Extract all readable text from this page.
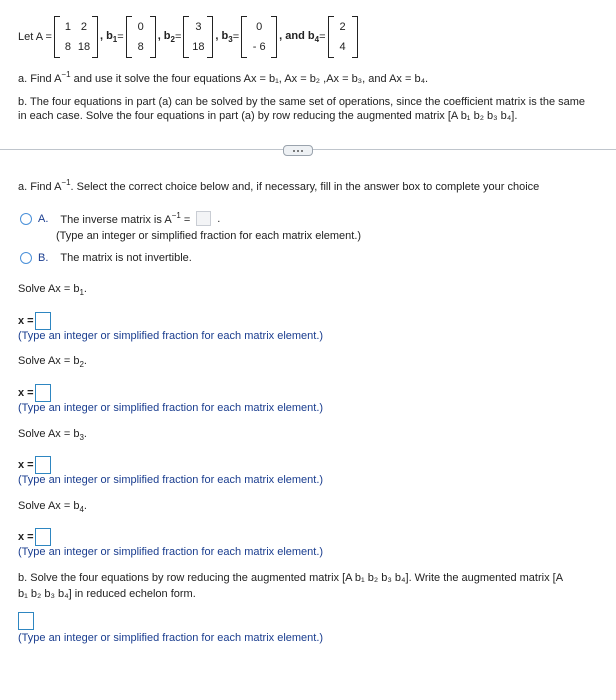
Let A =
1 2
8 18
, $b_1$ =
0
8
, $b_2$ =
3
18
, $b_3$ =
0
- 6
, and $b_4$ =
2
4
a. Find $A^{-1}$ and use it solve the four equations Ax = b₁, Ax = b₂ ,Ax = b₃, and Ax = b₄.
b. The four equations in part (a) can be solved by the same set of operations, since the coefficient matrix is the same
in each case. Solve the four equations in part (a) by row reducing the augmented matrix [A b₁ b₂ b₃ b₄].
a. Find $A^{-1}$. Select the correct choice below and, if necessary, fill in the answer box to complete your choice
A. The inverse matrix is $A^{-1}$ = .
(Type an integer or simplified fraction for each matrix element.)
B. The matrix is not invertible.
Solve $Ax = b_1$.
x =
(Type an integer or simplified fraction for each matrix element.)
Solve $Ax = b_2$.
x =
(Type an integer or simplified fraction for each matrix element.)
Solve $Ax = b_3$.
x =
(Type an integer or simplified fraction for each matrix element.)
Solve $Ax = b_4$.
x =
(Type an integer or simplified fraction for each matrix element.)
b. Solve the four equations by row reducing the augmented matrix [A b₁ b₂ b₃ b₄]. Write the augmented matrix [A
b₁ b₂ b₃ b₄] in reduced echelon form.
(Type an integer or simplified fraction for each matrix element.)
